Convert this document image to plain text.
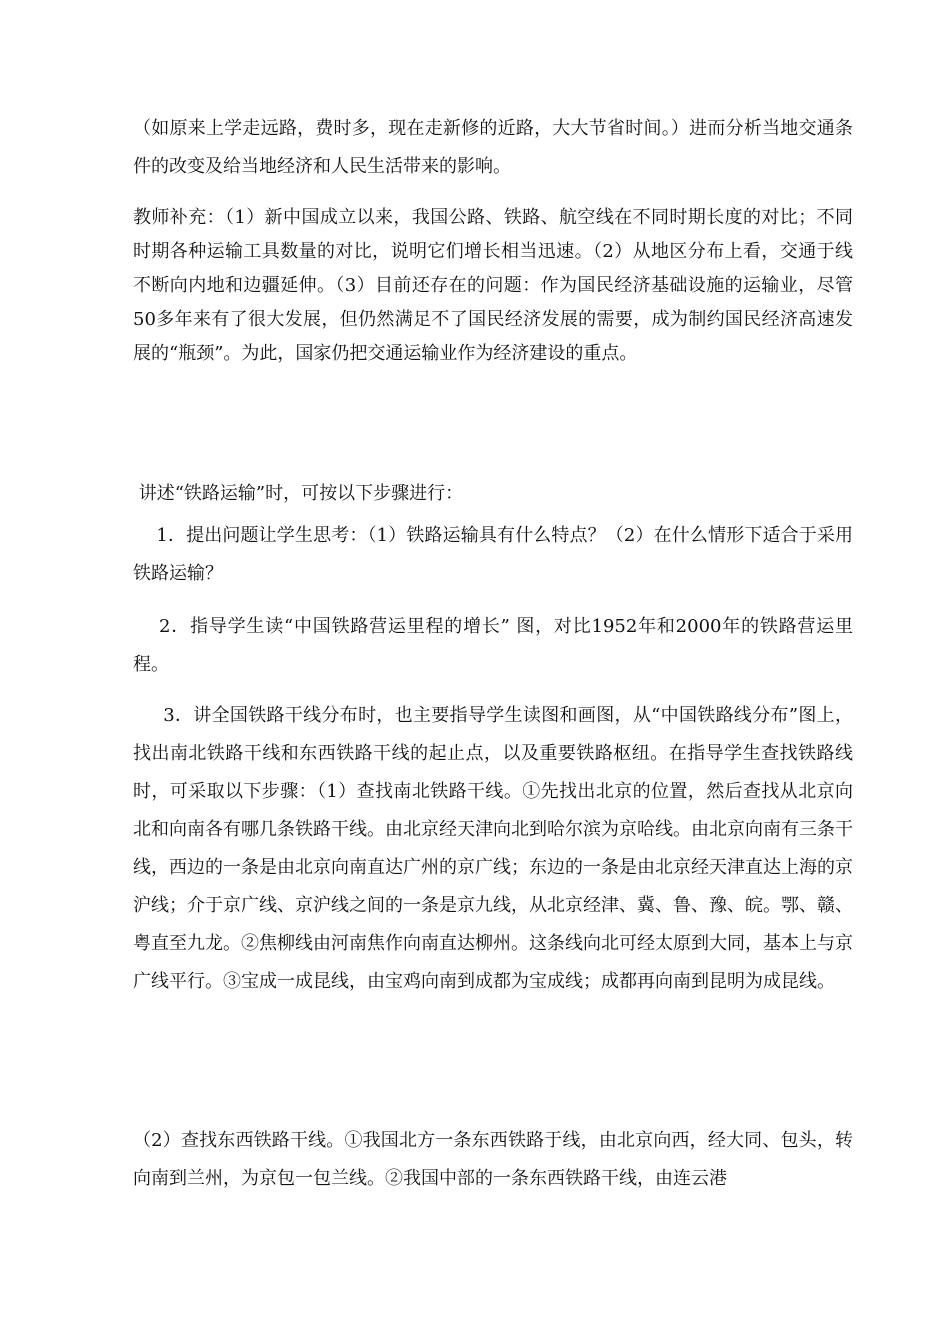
（如原来上学走远路，费时多，现在走新修的近路，大大节省时间。）进而分析当地交通条件的改变及给当地经济和人民生活带来的影响。

教师补充：（1）新中国成立以来，我国公路、铁路、航空线在不同时期长度的对比；不同时期各种运输工具数量的对比，说明它们增长相当迅速。（2）从地区分布上看，交通于线不断向内地和边疆延伸。（3）目前还存在的问题：作为国民经济基础设施的运输业，尽管50多年来有了很大发展，但仍然满足不了国民经济发展的需要，成为制约国民经济高速发展的“瓶颈”。为此，国家仍把交通运输业作为经济建设的重点。

讲述“铁路运输”时，可按以下步骤进行：

1．提出问题让学生思考：（1）铁路运输具有什么特点？（2）在什么情形下适合于采用铁路运输？

2．指导学生读“中国铁路营运里程的增长” 图，对比1952年和2000年的铁路营运里程。

3．讲全国铁路干线分布时，也主要指导学生读图和画图，从“中国铁路线分布”图上，找出南北铁路干线和东西铁路干线的起止点，以及重要铁路枢纽。在指导学生查找铁路线时，可采取以下步骤：（1）查找南北铁路干线。①先找出北京的位置，然后查找从北京向北和向南各有哪几条铁路干线。由北京经天津向北到哈尔滨为京哈线。由北京向南有三条干线，西边的一条是由北京向南直达广州的京广线；东边的一条是由北京经天津直达上海的京沪线；介于京广线、京沪线之间的一条是京九线，从北京经津、冀、鲁、豫、皖。鄂、赣、粤直至九龙。②焦柳线由河南焦作向南直达柳州。这条线向北可经太原到大同，基本上与京 广线平行。③宝成一成昆线，由宝鸡向南到成都为宝成线；成都再向南到昆明为成昆线。

（2）查找东西铁路干线。①我国北方一条东西铁路于线，由北京向西，经大同、包头，转向南到兰州，为京包一包兰线。②我国中部的一条东西铁路干线，由连云港
